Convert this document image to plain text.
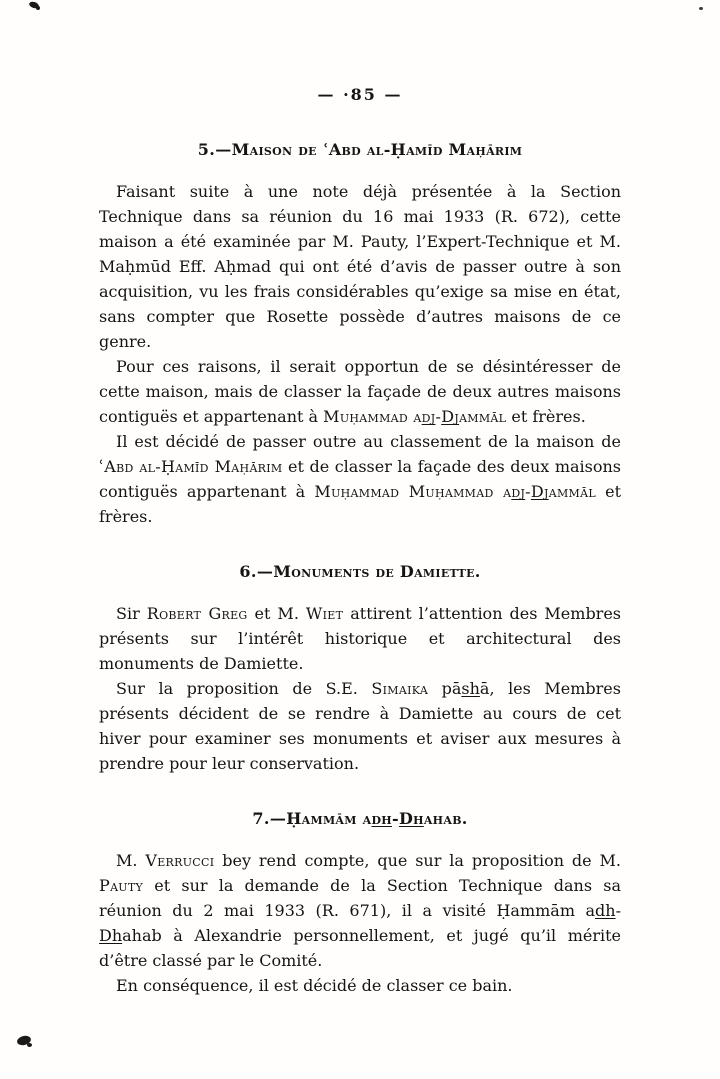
— ·85 —
5.—Maison de ʿAbd al-Ḥamīd Maḥārim

Faisant suite à une note déjà présentée à la Section Technique dans sa réunion du 16 mai 1933 (R. 672), cette maison a été examinée par M. Pauty, l’Expert-Technique et M. Maḥmūd Eff. Aḥmad qui ont été d’avis de passer outre à son acquisition, vu les frais considérables qu’exige sa mise en état, sans compter que Rosette possède d’autres maisons de ce genre.

Pour ces raisons, il serait opportun de se désintéresser de cette maison, mais de classer la façade de deux autres maisons contiguës et appartenant à Muḥammad adj-Djammāl et frères.

Il est décidé de passer outre au classement de la maison de ʿAbd al-Ḥamīd Maḥārim et de classer la façade des deux maisons contiguës appartenant à Muḥammad Muḥammad adj-Djammāl et frères.

6.—Monuments de Damiette.

Sir Robert Greg et M. Wiet attirent l’attention des Membres présents sur l’intérêt historique et architectural des monuments de Damiette.

Sur la proposition de S.E. Simaika pāshā, les Membres présents décident de se rendre à Damiette au cours de cet hiver pour examiner ses monuments et aviser aux mesures à prendre pour leur conservation.

7.—Ḥammām adh-Dhahab.

M. Verrucci bey rend compte, que sur la proposition de M. Pauty et sur la demande de la Section Technique dans sa réunion du 2 mai 1933 (R. 671), il a visité Ḥammām adh-Dhahab à Alexandrie personnellement, et jugé qu’il mérite d’être classé par le Comité.

En conséquence, il est décidé de classer ce bain.
